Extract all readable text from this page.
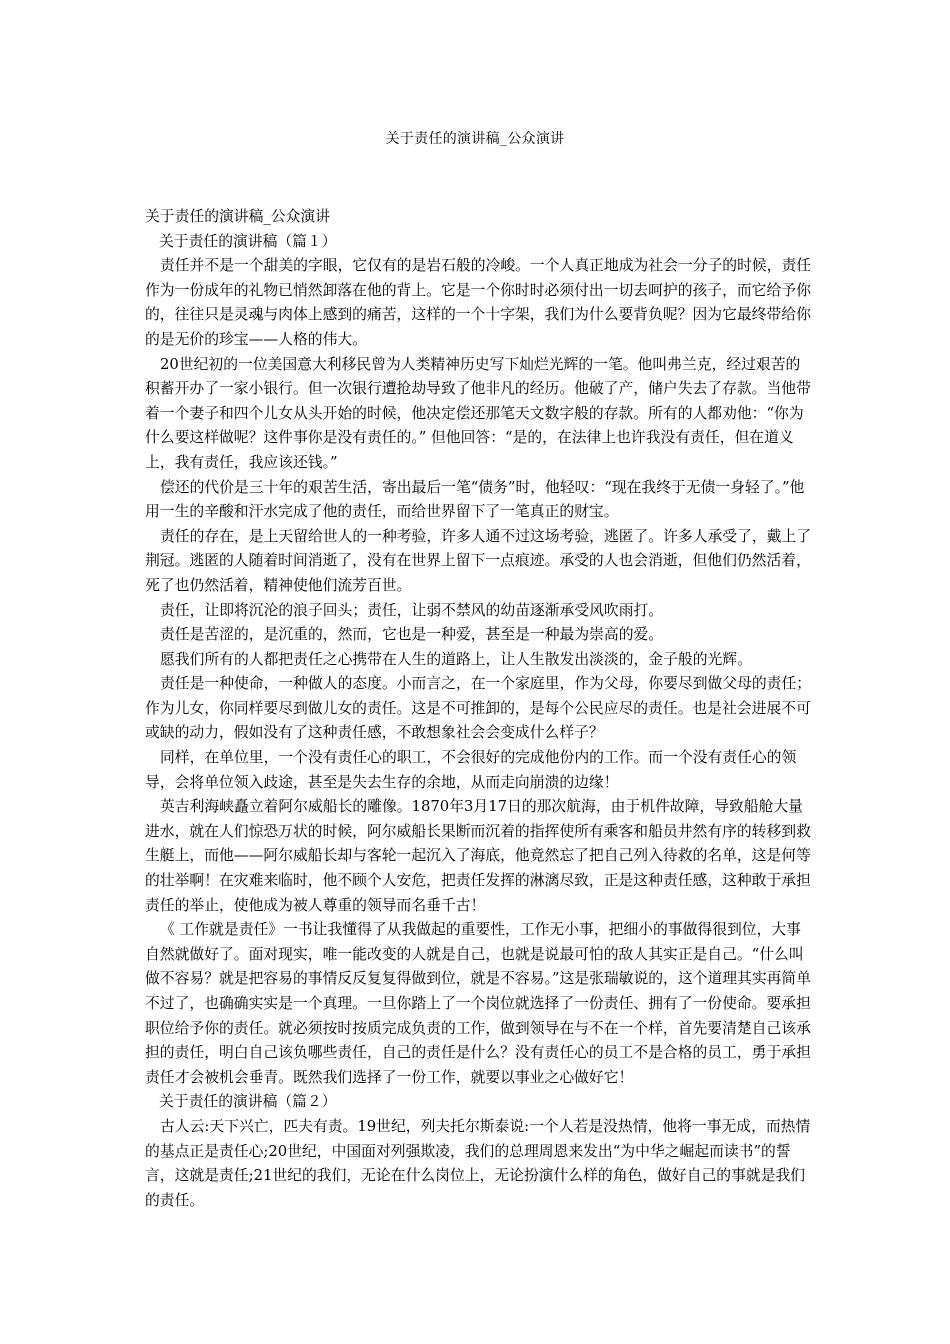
关于责任的演讲稿_公众演讲

关于责任的演讲稿_公众演讲

关于责任的演讲稿（篇１）

责任并不是一个甜美的字眼，它仅有的是岩石般的冷峻。一个人真正地成为社会一分子的时候，责任作为一份成年的礼物已悄然卸落在他的背上。它是一个你时时必须付出一切去呵护的孩子，而它给予你的，往往只是灵魂与肉体上感到的痛苦，这样的一个十字架，我们为什么要背负呢？因为它最终带给你的是无价的珍宝——人格的伟大。

20世纪初的一位美国意大利移民曾为人类精神历史写下灿烂光辉的一笔。他叫弗兰克，经过艰苦的积蓄开办了一家小银行。但一次银行遭抢劫导致了他非凡的经历。他破了产，储户失去了存款。当他带着一个妻子和四个儿女从头开始的时候，他决定偿还那笔天文数字般的存款。所有的人都劝他：“你为什么要这样做呢？这件事你是没有责任的。” 但他回答：“是的，在法律上也许我没有责任，但在道义上，我有责任，我应该还钱。”

偿还的代价是三十年的艰苦生活，寄出最后一笔“债务”时，他轻叹：“现在我终于无债一身轻了。”他用一生的辛酸和汗水完成了他的责任，而给世界留下了一笔真正的财宝。

责任的存在，是上天留给世人的一种考验，许多人通不过这场考验，逃匿了。许多人承受了，戴上了荆冠。逃匿的人随着时间消逝了，没有在世界上留下一点痕迹。承受的人也会消逝，但他们仍然活着，死了也仍然活着，精神使他们流芳百世。

责任，让即将沉沦的浪子回头；责任，让弱不禁风的幼苗逐渐承受风吹雨打。

责任是苦涩的，是沉重的，然而，它也是一种爱，甚至是一种最为崇高的爱。

愿我们所有的人都把责任之心携带在人生的道路上，让人生散发出淡淡的，金子般的光辉。

责任是一种使命，一种做人的态度。小而言之，在一个家庭里，作为父母，你要尽到做父母的责任；作为儿女，你同样要尽到做儿女的责任。这是不可推卸的，是每个公民应尽的责任。也是社会进展不可或缺的动力，假如没有了这种责任感，不敢想象社会会变成什么样子？

同样，在单位里，一个没有责任心的职工，不会很好的完成他份内的工作。而一个没有责任心的领导，会将单位领入歧途，甚至是失去生存的余地，从而走向崩溃的边缘！

英吉利海峡矗立着阿尔威船长的雕像。1870年3月17日的那次航海，由于机件故障，导致船舱大量进水，就在人们惊恐万状的时候，阿尔威船长果断而沉着的指挥使所有乘客和船员井然有序的转移到救生艇上，而他——阿尔威船长却与客轮一起沉入了海底，他竟然忘了把自己列入待救的名单，这是何等的壮举啊！在灾难来临时，他不顾个人安危，把责任发挥的淋漓尽致，正是这种责任感，这种敢于承担责任的举止，使他成为被人尊重的领导而名垂千古！

《 工作就是责任》一书让我懂得了从我做起的重要性，工作无小事，把细小的事做得很到位，大事自然就做好了。面对现实，唯一能改变的人就是自己，也就是说最可怕的敌人其实正是自己。“什么叫做不容易？就是把容易的事情反反复复得做到位，就是不容易。”这是张瑞敏说的，这个道理其实再简单不过了，也确确实实是一个真理。一旦你踏上了一个岗位就选择了一份责任、拥有了一份使命。要承担职位给予你的责任。就必须按时按质完成负责的工作，做到领导在与不在一个样，首先要清楚自己该承担的责任，明白自己该负哪些责任，自己的责任是什么？没有责任心的员工不是合格的员工，勇于承担责任才会被机会垂青。既然我们选择了一份工作，就要以事业之心做好它！

关于责任的演讲稿（篇２）

古人云:天下兴亡，匹夫有责。19世纪，列夫托尔斯泰说:一个人若是没热情，他将一事无成，而热情的基点正是责任心;20世纪，中国面对列强欺凌，我们的总理周恩来发出“为中华之崛起而读书”的誓言，这就是责任;21世纪的我们，无论在什么岗位上，无论扮演什么样的角色，做好自己的事就是我们的责任。
